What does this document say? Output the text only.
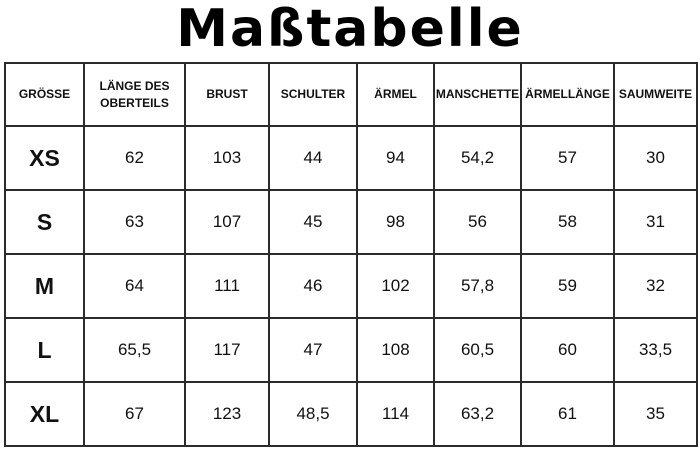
Maßtabelle
GRÖSSE	LÄNGE DES OBERTEILS	BRUST	SCHULTER	ÄRMEL	MANSCHETTE	ÄRMELLÄNGE	SAUMWEITE
XS	62	103	44	94	54,2	57	30
S	63	107	45	98	56	58	31
M	64	111	46	102	57,8	59	32
L	65,5	117	47	108	60,5	60	33,5
XL	67	123	48,5	114	63,2	61	35
